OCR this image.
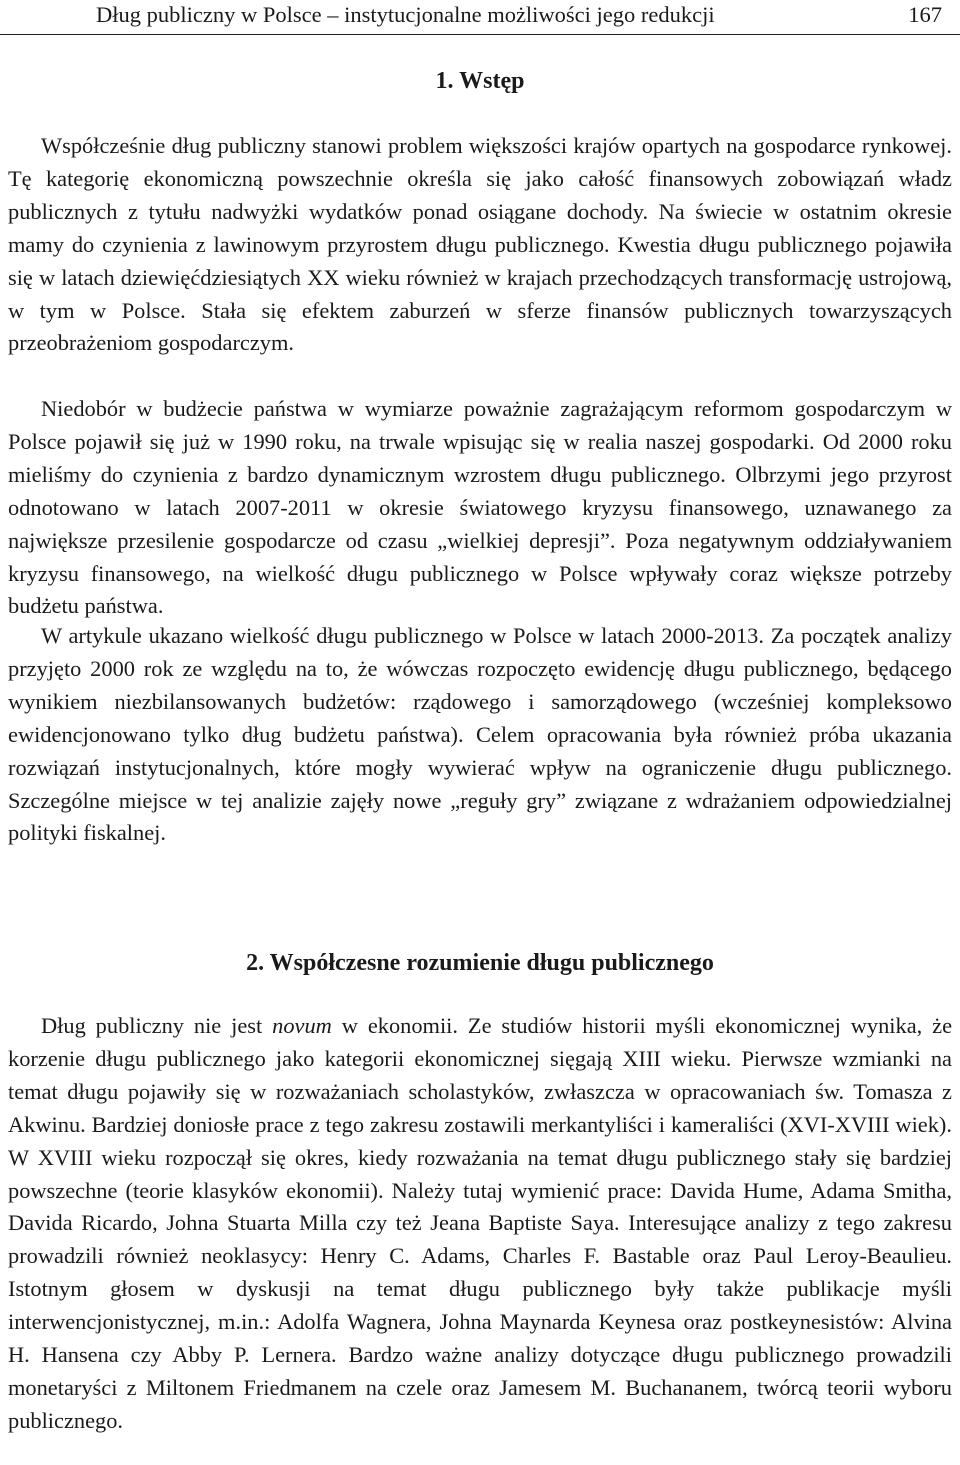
Dług publiczny w Polsce – instytucjonalne możliwości jego redukcji	167
1. Wstęp

Współcześnie dług publiczny stanowi problem większości krajów opartych na gospodarce rynkowej. Tę kategorię ekonomiczną powszechnie określa się jako całość finansowych zobowiązań władz publicznych z tytułu nadwyżki wydatków ponad osiągane dochody. Na świecie w ostatnim okresie mamy do czynienia z lawinowym przyrostem długu publicznego. Kwestia długu publicznego pojawiła się w latach dziewięćdziesiątych XX wieku również w krajach przechodzących transformację ustrojową, w tym w Polsce. Stała się efektem zaburzeń w sferze finansów publicznych towarzyszących przeobrażeniom gospodarczym.

Niedobór w budżecie państwa w wymiarze poważnie zagrażającym reformom gospodarczym w Polsce pojawił się już w 1990 roku, na trwale wpisując się w realia naszej gospodarki. Od 2000 roku mieliśmy do czynienia z bardzo dynamicznym wzrostem długu publicznego. Olbrzymi jego przyrost odnotowano w latach 2007-2011 w okresie światowego kryzysu finansowego, uznawanego za największe przesilenie gospodarcze od czasu „wielkiej depresji”. Poza negatywnym oddziaływaniem kryzysu finansowego, na wielkość długu publicznego w Polsce wpływały coraz większe potrzeby budżetu państwa.

W artykule ukazano wielkość długu publicznego w Polsce w latach 2000-2013. Za początek analizy przyjęto 2000 rok ze względu na to, że wówczas rozpoczęto ewidencję długu publicznego, będącego wynikiem niezbilansowanych budżetów: rządowego i samorządowego (wcześniej kompleksowo ewidencjonowano tylko dług budżetu państwa). Celem opracowania była również próba ukazania rozwiązań instytucjonalnych, które mogły wywierać wpływ na ograniczenie długu publicznego. Szczególne miejsce w tej analizie zajęły nowe „reguły gry” związane z wdrażaniem odpowiedzialnej polityki fiskalnej.

2. Współczesne rozumienie długu publicznego

Dług publiczny nie jest novum w ekonomii. Ze studiów historii myśli ekonomicznej wynika, że korzenie długu publicznego jako kategorii ekonomicznej sięgają XIII wieku. Pierwsze wzmianki na temat długu pojawiły się w rozważaniach scholastyków, zwłaszcza w opracowaniach św. Tomasza z Akwinu. Bardziej doniosłe prace z tego zakresu zostawili merkantyliści i kameraliści (XVI-XVIII wiek). W XVIII wieku rozpoczął się okres, kiedy rozważania na temat długu publicznego stały się bardziej powszechne (teorie klasyków ekonomii). Należy tutaj wymienić prace: Davida Hume, Adama Smitha, Davida Ricardo, Johna Stuarta Milla czy też Jeana Baptiste Saya. Interesujące analizy z tego zakresu prowadzili również neoklasycy: Henry C. Adams, Charles F. Bastable oraz Paul Leroy-Beaulieu. Istotnym głosem w dyskusji na temat długu publicznego były także publikacje myśli interwencjonistycznej, m.in.: Adolfa Wagnera, Johna Maynarda Keynesa oraz postkeynesistów: Alvina H. Hansena czy Abby P. Lernera. Bardzo ważne analizy dotyczące długu publicznego prowadzili monetaryści z Miltonem Friedmanem na czele oraz Jamesem M. Buchananem, twórcą teorii wyboru publicznego.
